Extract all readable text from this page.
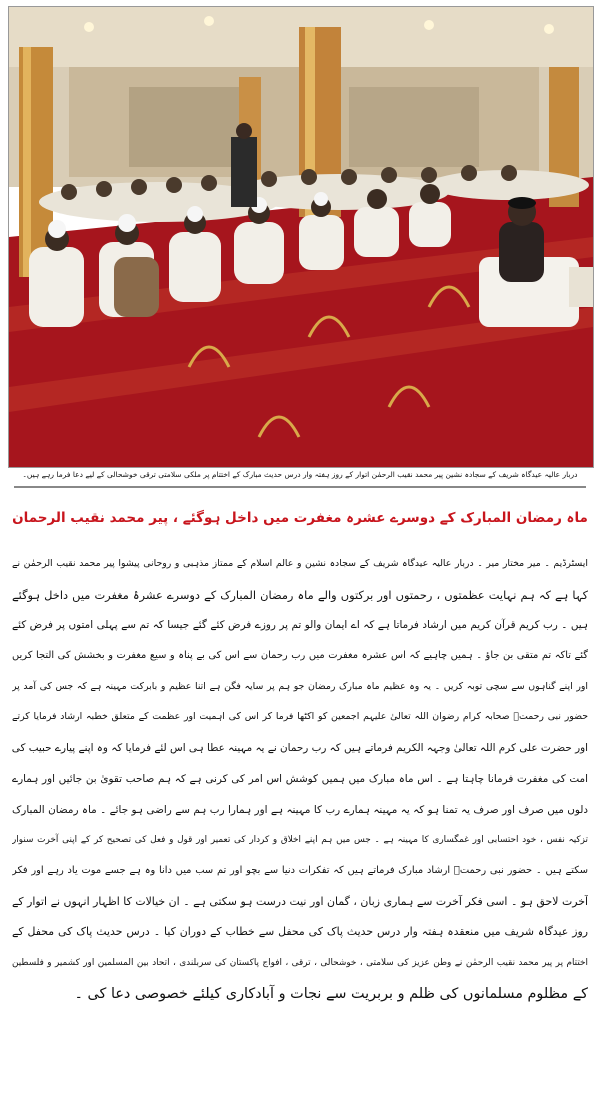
دربار عالیہ عیدگاہ شریف کے سجادہ نشین پیر محمد نقیب الرحمٰن اتوار کے روز ہفتہ وار درس حدیث مبارک کے اختتام پر ملکی سلامتی ترقی خوشحالی کے لیے دعا فرما رہے ہیں۔
ماہ رمضان المبارک کے دوسرے عشرہ مغفرت میں داخل ہوگئے ، پیر محمد نقیب الرحمان

ایسٹرڈیم ۔ میر مختار میر ۔ دربار عالیہ عیدگاہ شریف کے سجادہ نشین و عالم اسلام کے ممتاز مذہبی و روحانی پیشوا پیر محمد نقیب الرحمٰن نے

کہا ہے کہ ہم نہایت عظمتوں ، رحمتوں اور برکتوں والے ماہ رمضان المبارک کے دوسرے عشرۂ مغفرت میں داخل ہوگئے

ہیں ۔ رب کریم قرآن کریم میں ارشاد فرماتا ہے کہ اے ایمان والو تم پر روزے فرض کئے گئے جیسا کہ تم سے پہلی امتوں پر فرض کئے

گئے تاکہ تم متقی بن جاؤ ۔ ہمیں چاہیے کہ اس عشرہ مغفرت میں رب رحمان سے اس کی بے پناہ و سیع مغفرت و بخشش کی التجا کریں

اور اپنے گناہوں سے سچی توبہ کریں ۔ یہ وہ عظیم ماہ مبارک رمضان جو ہم پر سایہ فگن ہے اتنا عظیم و بابرکت مہینہ ہے کہ جس کی آمد پر

حضور نبی رحمتؐ صحابہ کرام رضوان اللہ تعالیٰ علیہم اجمعین کو اکٹھا فرما کر اس کی اہمیت اور عظمت کے متعلق خطبہ ارشاد فرمایا کرتے

اور حضرت علی کرم اللہ تعالیٰ وجہہ الکریم فرماتے ہیں کہ رب رحمان نے یہ مہینہ عطا ہی اس لئے فرمایا کہ وہ اپنے پیارے حبیب کی

امت کی مغفرت فرمانا چاہتا ہے ۔ اس ماہ مبارک میں ہمیں کوشش اس امر کی کرنی ہے کہ ہم صاحب تقویٰ بن جائیں اور ہمارے

دلوں میں صرف اور صرف یہ تمنا ہو کہ یہ مہینہ ہمارے رب کا مہینہ ہے اور ہمارا رب ہم سے راضی ہو جائے ۔ ماہ رمضان المبارک

تزکیہ نفس ، خود احتسابی اور غمگساری کا مہینہ ہے ۔ جس میں ہم اپنے اخلاق و کردار کی تعمیر اور قول و فعل کی تصحیح کر کے اپنی آخرت سنوار

سکتے ہیں ۔ حضور نبی رحمتؐ ارشاد مبارک فرماتے ہیں کہ تفکرات دنیا سے بچو اور تم سب میں دانا وہ ہے جسے موت یاد رہے اور فکر

آخرت لاحق ہو ۔ اسی فکر آخرت سے ہماری زبان ، گمان اور نیت درست ہو سکتی ہے ۔ ان خیالات کا اظہار انہوں نے اتوار کے

روز عیدگاہ شریف میں منعقدہ ہفتہ وار درس حدیث پاک کی محفل سے خطاب کے دوران کیا ۔ درس حدیث پاک کی محفل کے

اختتام پر پیر محمد نقیب الرحمٰن نے وطن عزیز کی سلامتی ، خوشحالی ، ترقی ، افواج پاکستان کی سربلندی ، اتحاد بین المسلمین اور کشمیر و فلسطین

کے مظلوم مسلمانوں کی ظلم و بربریت سے نجات و آبادکاری کیلئے خصوصی دعا کی ۔
